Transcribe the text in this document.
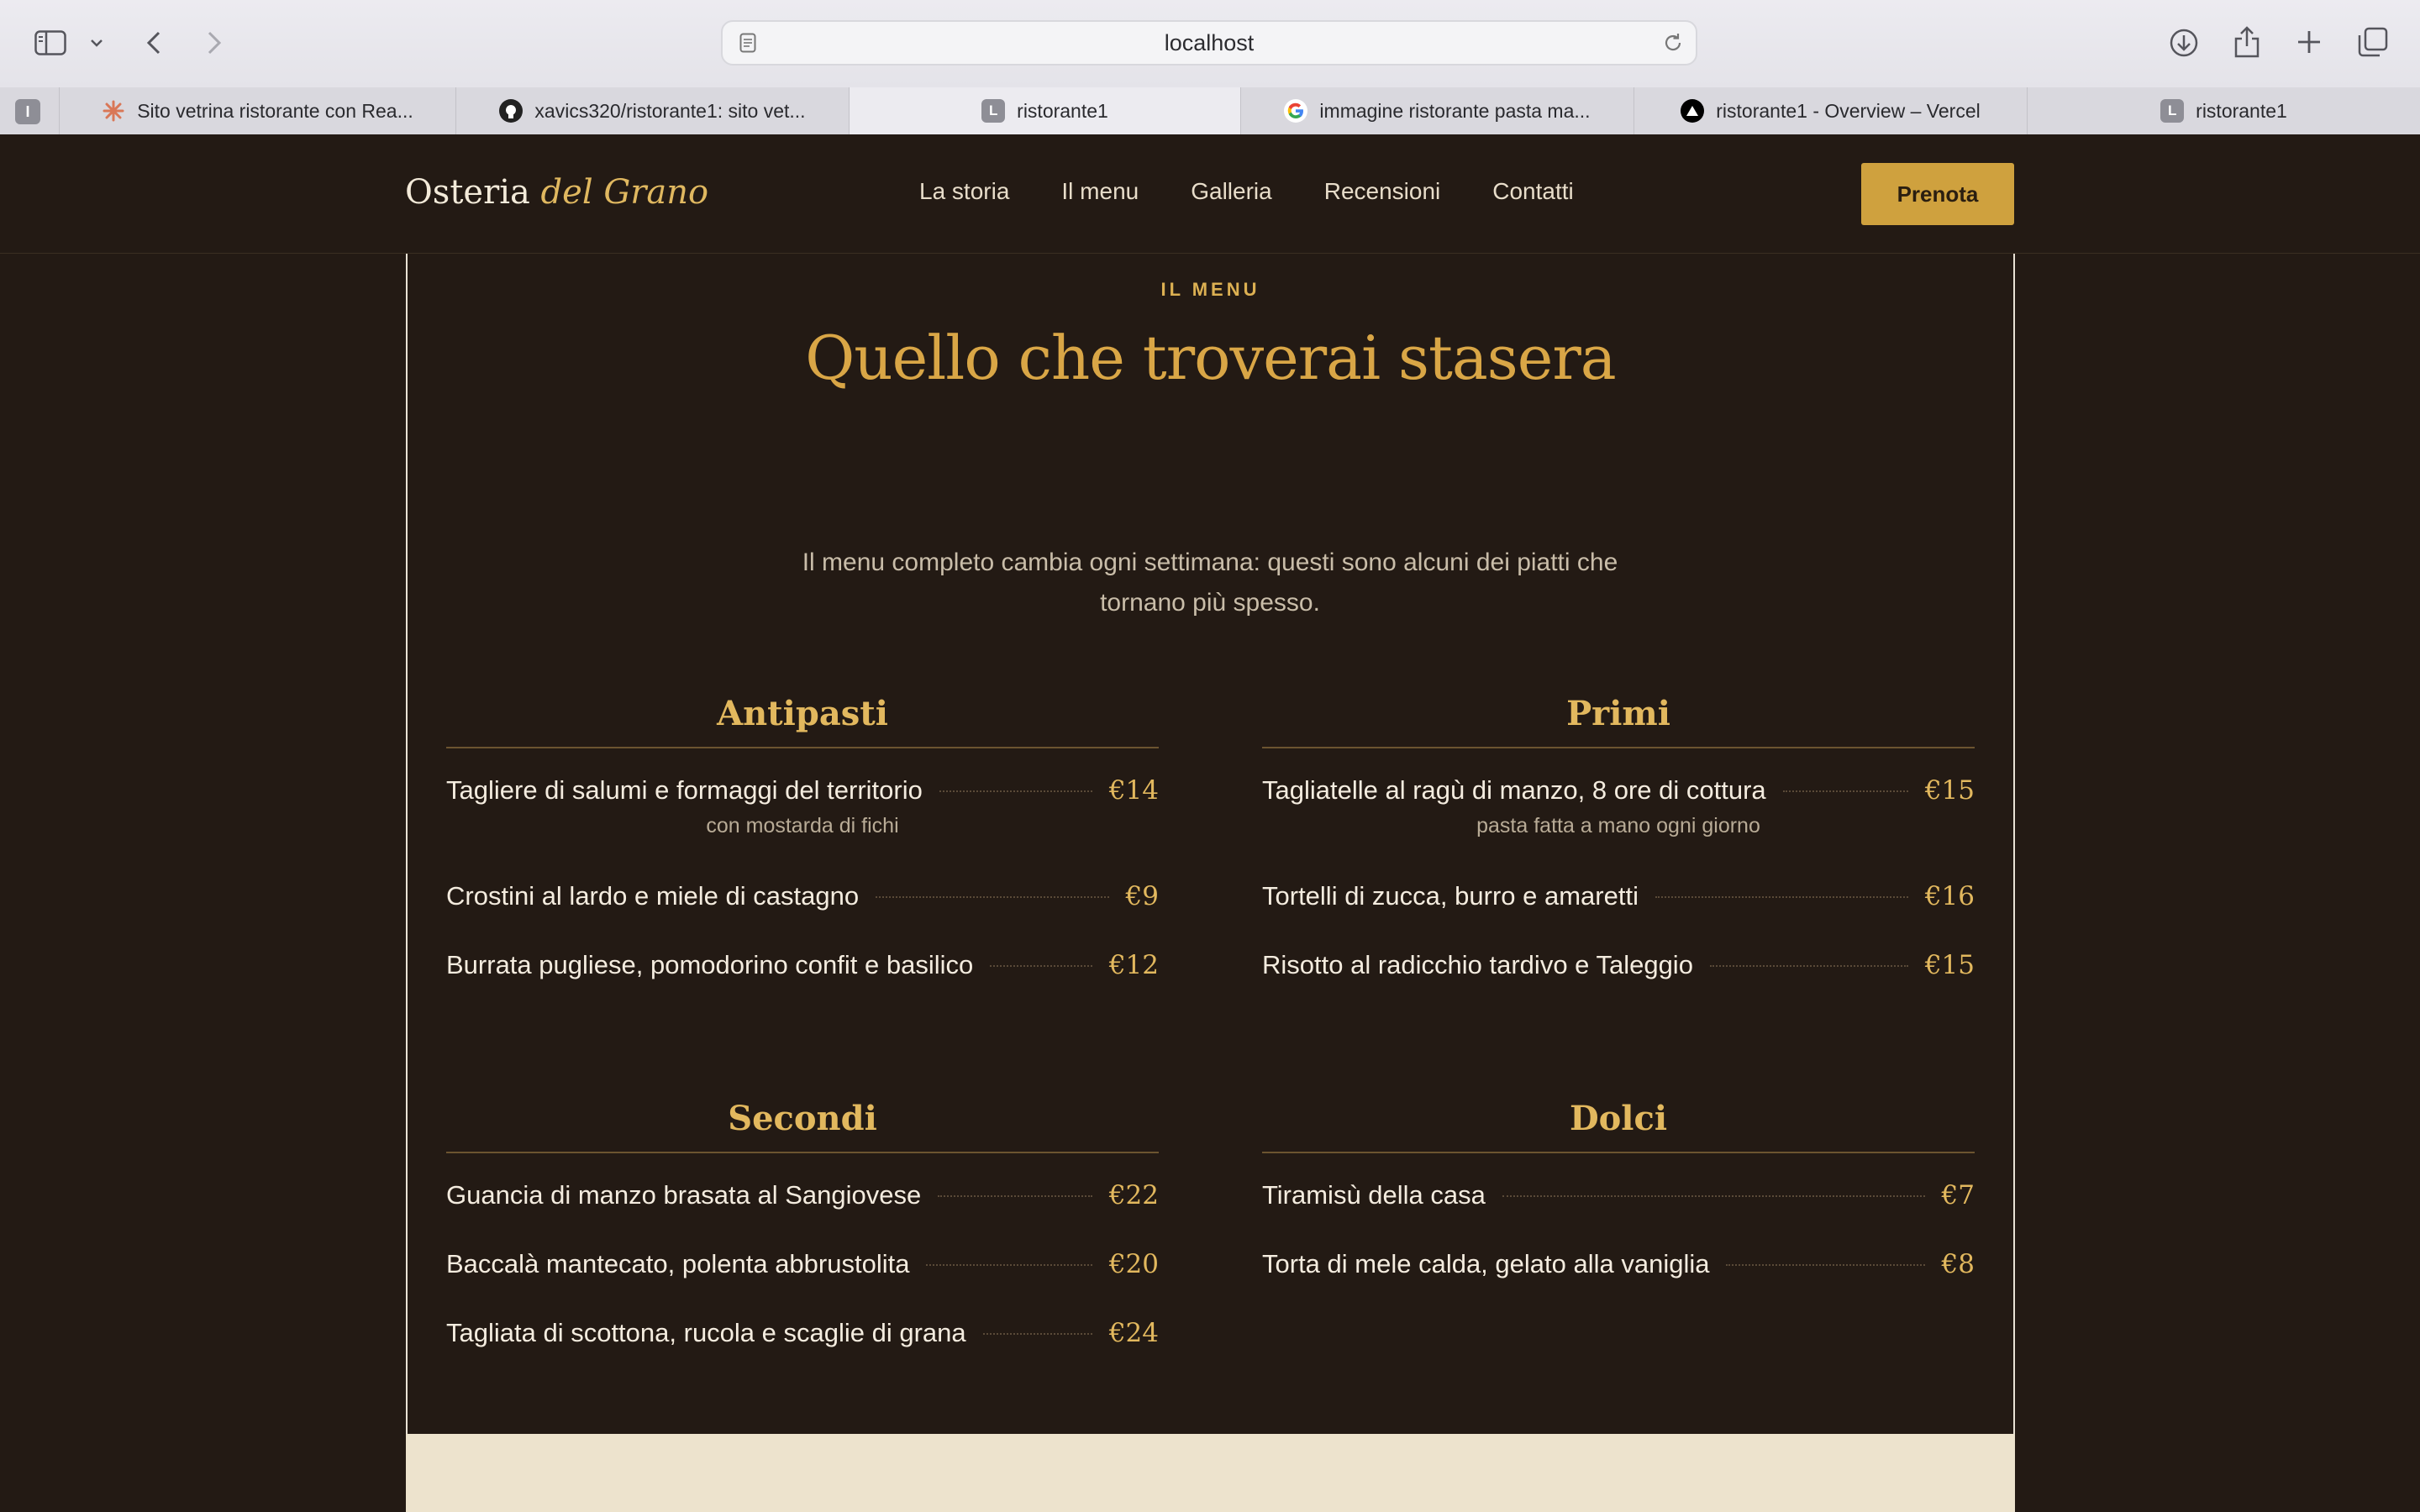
localhost
I	Sito vetrina ristorante con Rea...	xavics320/ristorante1: sito vet...	L ristorante1	immagine ristorante pasta ma...	ristorante1 - Overview – Vercel	L ristorante1
Osteria del Grano	La storia Il menu Galleria Recensioni Contatti	Prenota
IL MENU
Quello che troverai stasera

Il menu completo cambia ogni settimana: questi sono alcuni dei piatti che tornano più spesso.

Antipasti
Tagliere di salumi e formaggi del territorio	€14
con mostarda di fichi
Crostini al lardo e miele di castagno	€9
Burrata pugliese, pomodorino confit e basilico	€12
Primi
Tagliatelle al ragù di manzo, 8 ore di cottura	€15
pasta fatta a mano ogni giorno
Tortelli di zucca, burro e amaretti	€16
Risotto al radicchio tardivo e Taleggio	€15
Secondi
Guancia di manzo brasata al Sangiovese	€22
Baccalà mantecato, polenta abbrustolita	€20
Tagliata di scottona, rucola e scaglie di grana	€24
Dolci
Tiramisù della casa	€7
Torta di mele calda, gelato alla vaniglia	€8
